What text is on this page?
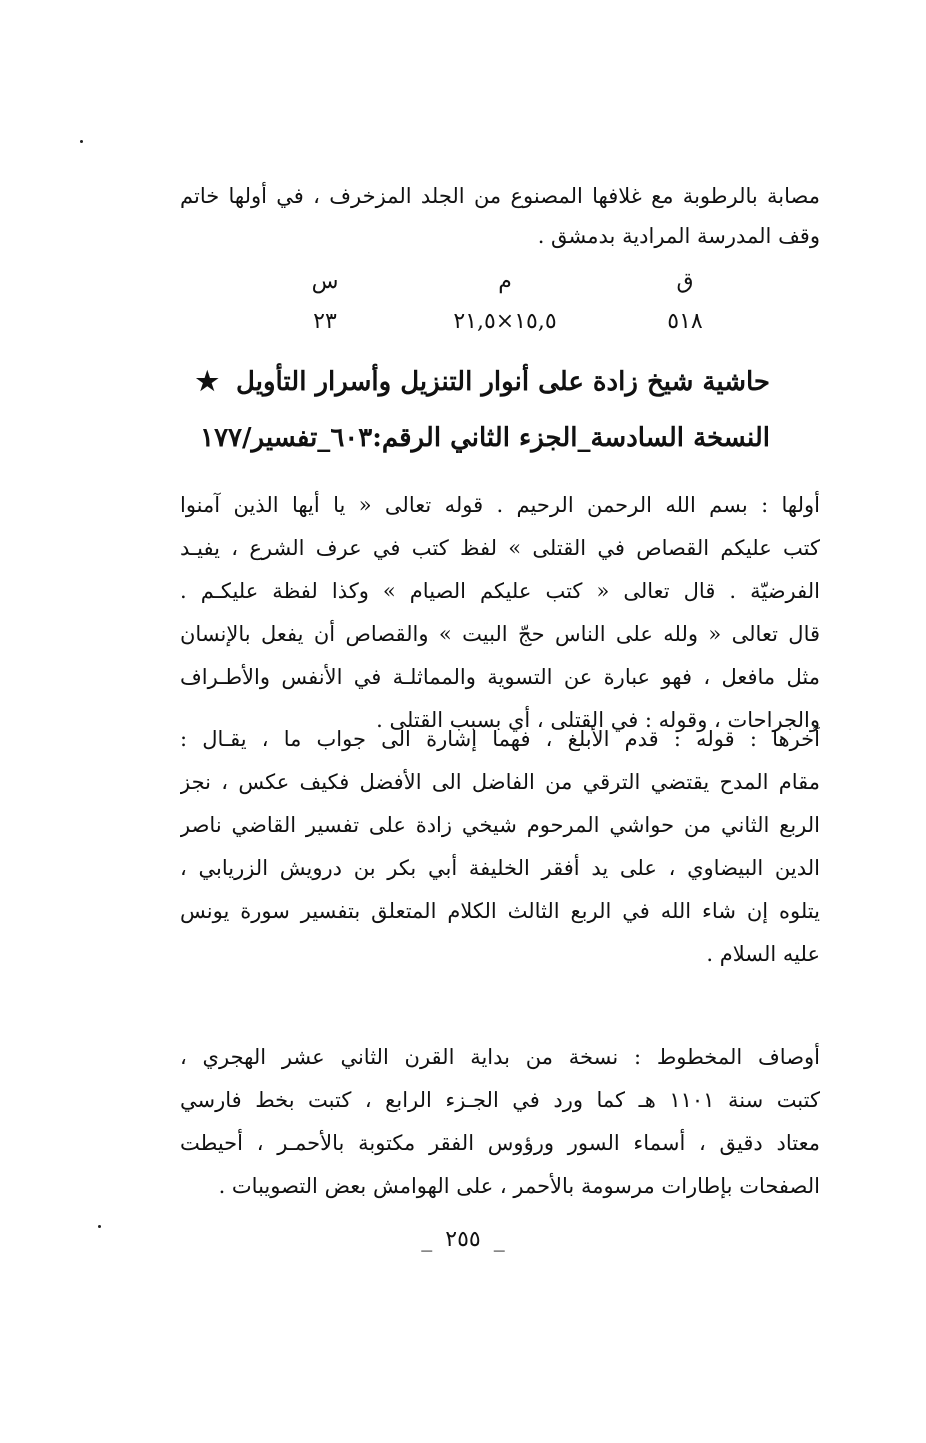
مصابة بالرطوبة مع غلافها المصنوع من الجلد المزخرف ، في أولها خاتم
وقف المدرسة المرادية بدمشق .
ق
م
س
٥١٨
١٥,٥×٢١,٥
٢٣
حاشية شيخ زادة على أنوار التنزيل وأسرار التأويل ★
النسخة السادسة_الجزء الثاني الرقم:٦٠٣_تفسير/١٧٧
أولها : بسم الله الرحمن الرحيم . قوله تعالى « يا أيها الذين آمنوا
كتب عليكم القصاص في القتلى » لفظ كتب في عرف الشرع ، يفيـد
الفرضيّة . قال تعالى « كتب عليكم الصيام » وكذا لفظة عليكـم .
قال تعالى « ولله على الناس حجّ البيت » والقصاص أن يفعل بالإنسان
مثل مافعل ، فهو عبارة عن التسوية والمماثلـة في الأنفس والأطـراف
والجراحات ، وقوله : في القتلى ، أي بسبب القتلى .
آخرها : قوله : قدم الأبلغ ، فهما إشارة الى جواب ما ، يقـال :
مقام المدح يقتضي الترقي من الفاضل الى الأفضل فكيف عكس ، نجز
الربع الثاني من حواشي المرحوم شيخي زادة على تفسير القاضي ناصر
الدين البيضاوي ، على يد أفقر الخليفة أبي بكر بن درويش الزريابي ،
يتلوه إن شاء الله في الربع الثالث الكلام المتعلق بتفسير سورة يونس
عليه السلام .
أوصاف المخطوط : نسخة من بداية القرن الثاني عشر الهجري ،
كتبت سنة ١١٠١ هـ كما ورد في الجـزء الرابع ، كتبت بخط فارسي
معتاد دقيق ، أسماء السور ورؤوس الفقر مكتوبة بالأحمـر ، أحيطت
الصفحات بإطارات مرسومة بالأحمر ، على الهوامش بعض التصويبات .
_ ٢٥٥ _
